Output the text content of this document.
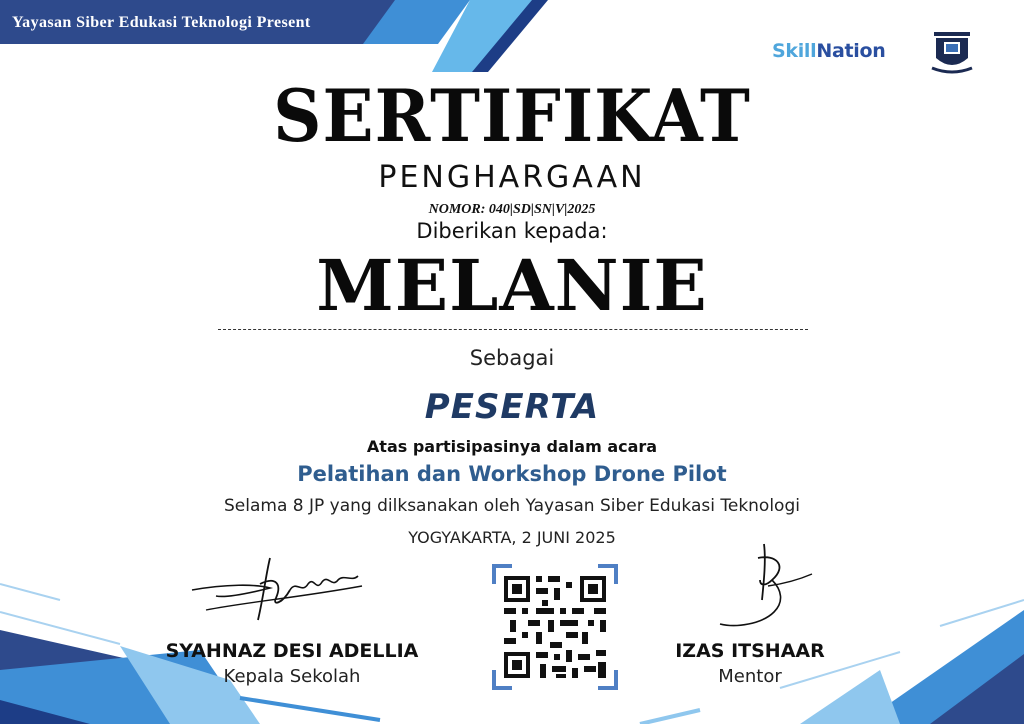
Yayasan Siber Edukasi Teknologi Present
SkillNation
SERTIFIKAT
PENGHARGAAN
NOMOR: 040|SD|SN|V|2025
Diberikan kepada:
MELANIE
Sebagai
PESERTA
Atas partisipasinya dalam acara
Pelatihan dan Workshop Drone Pilot
Selama 8 JP yang dilksanakan oleh Yayasan Siber Edukasi Teknologi
YOGYAKARTA, 2 JUNI 2025
SYAHNAZ DESI ADELLIA
Kepala Sekolah
IZAS ITSHAAR
Mentor
